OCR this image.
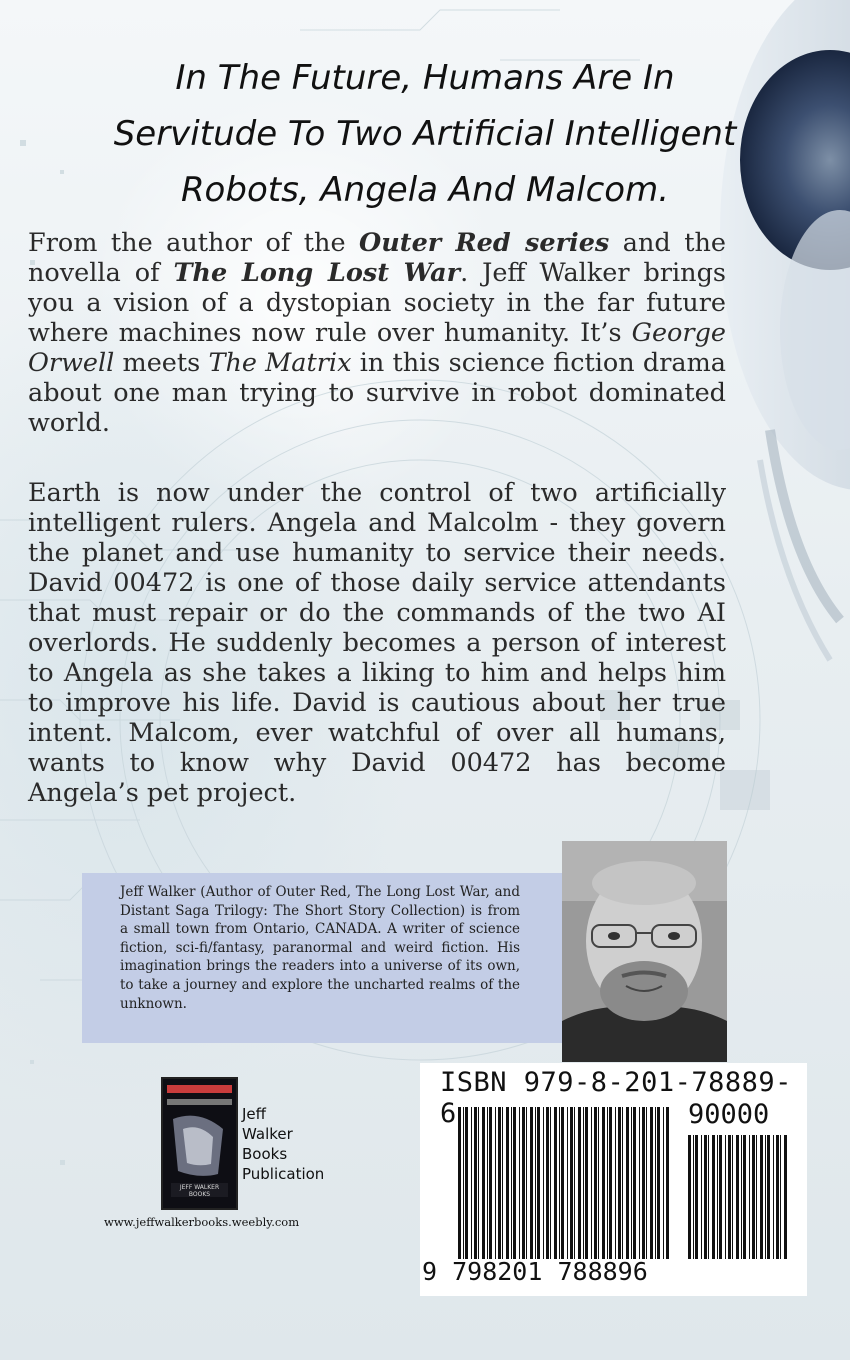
In The Future, Humans Are In
Servitude To Two Artificial Intelligent
Robots, Angela And Malcom.

From the author of the Outer Red series and the novella of The Long Lost War. Jeff Walker brings you a vision of a dystopian society in the far future where machines now rule over humanity. It’s George Orwell meets The Matrix in this science fiction drama about one man trying to survive in robot dominated world.

Earth is now under the control of two artificially intelligent rulers. Angela and Malcolm - they govern the planet and use humanity to service their needs. David 00472 is one of those daily service attendants that must repair or do the commands of the two AI overlords. He suddenly becomes a person of interest to Angela as she takes a liking to him and helps him to improve his life. David is cautious about her true intent. Malcom, ever watchful of over all humans, wants to know why David 00472 has become Angela’s pet project.

Jeff Walker (Author of Outer Red, The Long Lost War, and Distant Saga Trilogy: The Short Story Collection) is from a small town from Ontario, CANADA. A writer of science fiction, sci-fi/fantasy, paranormal and weird fiction. His imagination brings the readers into a universe of its own, to take a journey and explore the uncharted realms of the unknown.

JEFF WALKER
BOOKS
Jeff
Walker
Books
Publication
www.jeffwalkerbooks.weebly.com
ISBN 979-8-201-78889-6	90000
9 798201 788896
